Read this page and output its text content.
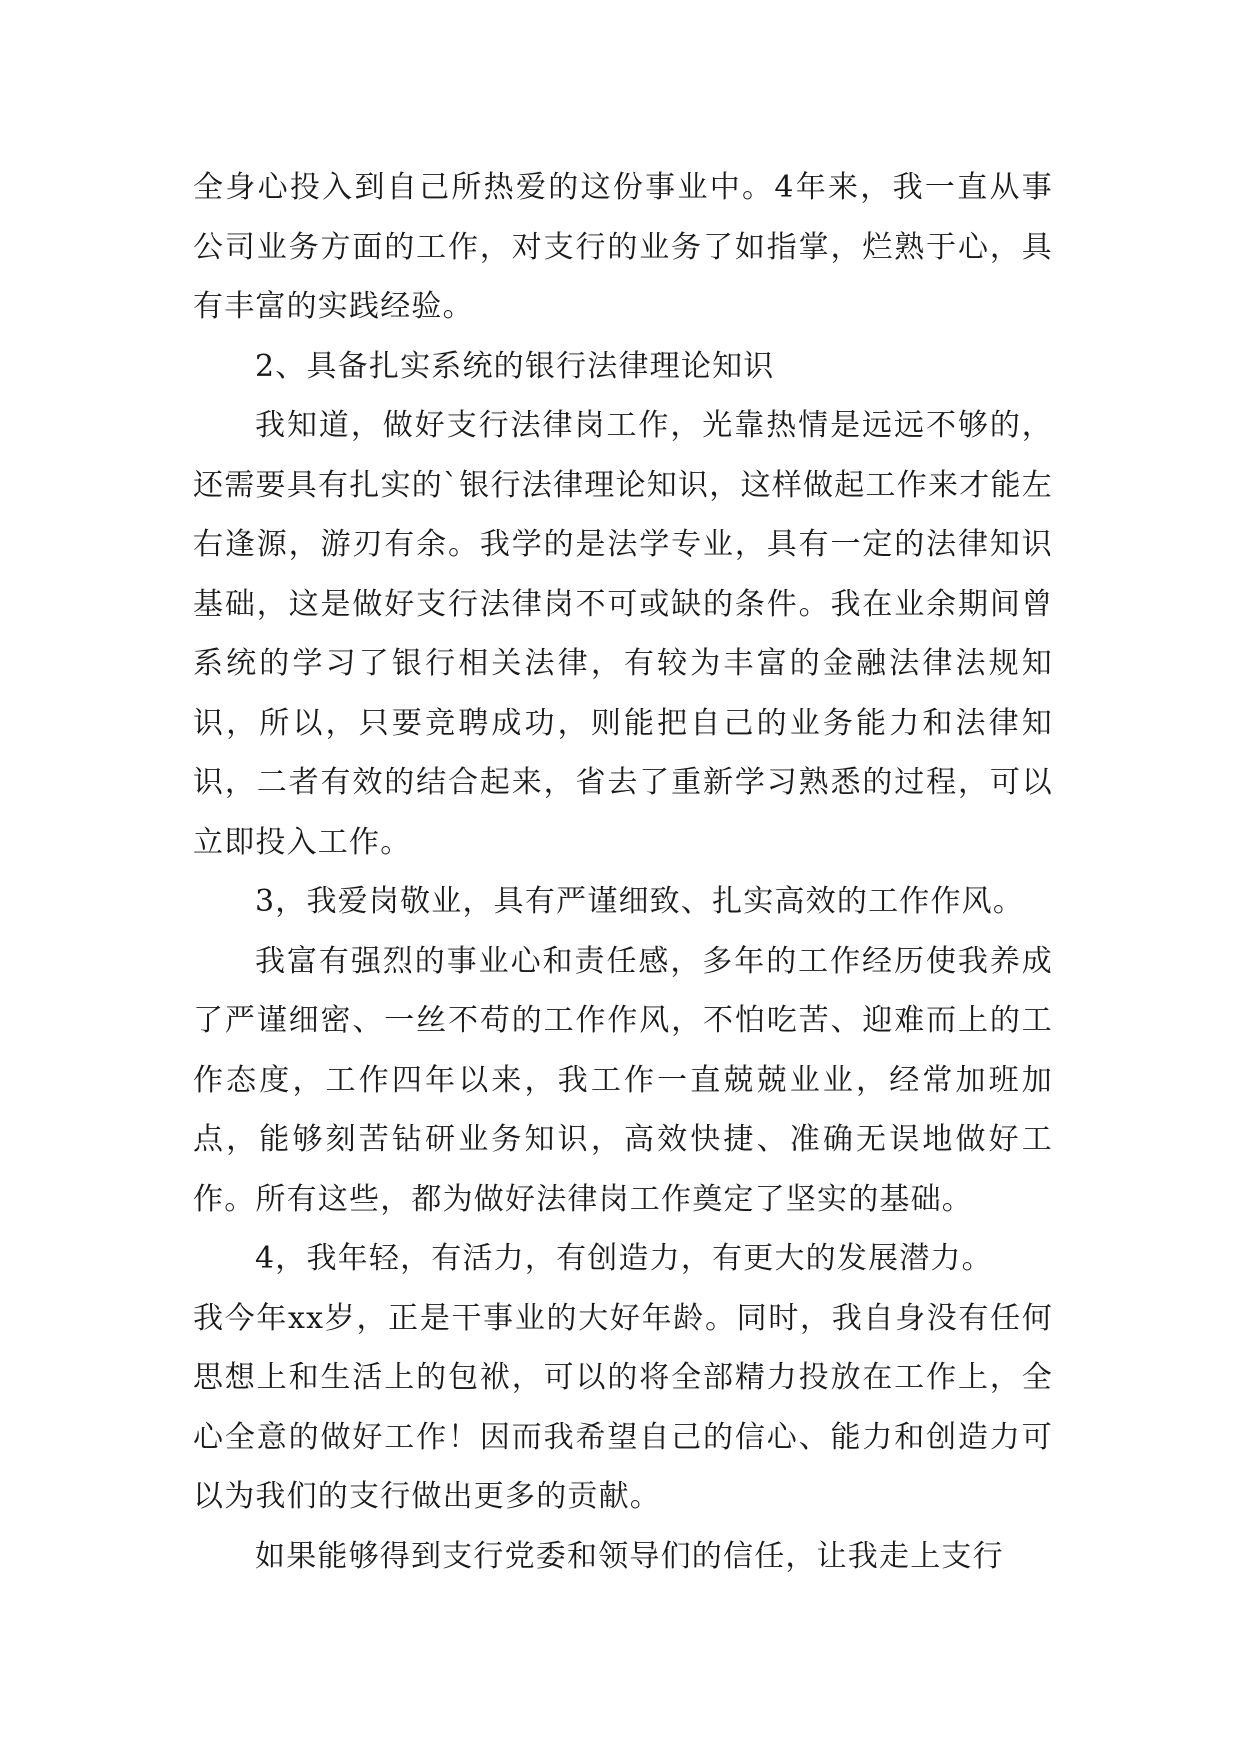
全身心投入到自己所热爱的这份事业中。4年来，我一直从事公司业务方面的工作，对支行的业务了如指掌，烂熟于心，具有丰富的实践经验。

2、具备扎实系统的银行法律理论知识

我知道，做好支行法律岗工作，光靠热情是远远不够的，还需要具有扎实的`银行法律理论知识，这样做起工作来才能左右逢源，游刃有余。我学的是法学专业，具有一定的法律知识基础，这是做好支行法律岗不可或缺的条件。我在业余期间曾系统的学习了银行相关法律，有较为丰富的金融法律法规知识，所以，只要竞聘成功，则能把自己的业务能力和法律知识，二者有效的结合起来，省去了重新学习熟悉的过程，可以立即投入工作。

3，我爱岗敬业，具有严谨细致、扎实高效的工作作风。

我富有强烈的事业心和责任感，多年的工作经历使我养成了严谨细密、一丝不苟的工作作风，不怕吃苦、迎难而上的工作态度，工作四年以来，我工作一直兢兢业业，经常加班加点，能够刻苦钻研业务知识，高效快捷、准确无误地做好工作。所有这些，都为做好法律岗工作奠定了坚实的基础。

4，我年轻，有活力，有创造力，有更大的发展潜力。

我今年xx岁，正是干事业的大好年龄。同时，我自身没有任何思想上和生活上的包袱，可以的将全部精力投放在工作上，全心全意的做好工作！因而我希望自己的信心、能力和创造力可以为我们的支行做出更多的贡献。

如果能够得到支行党委和领导们的信任，让我走上支行
